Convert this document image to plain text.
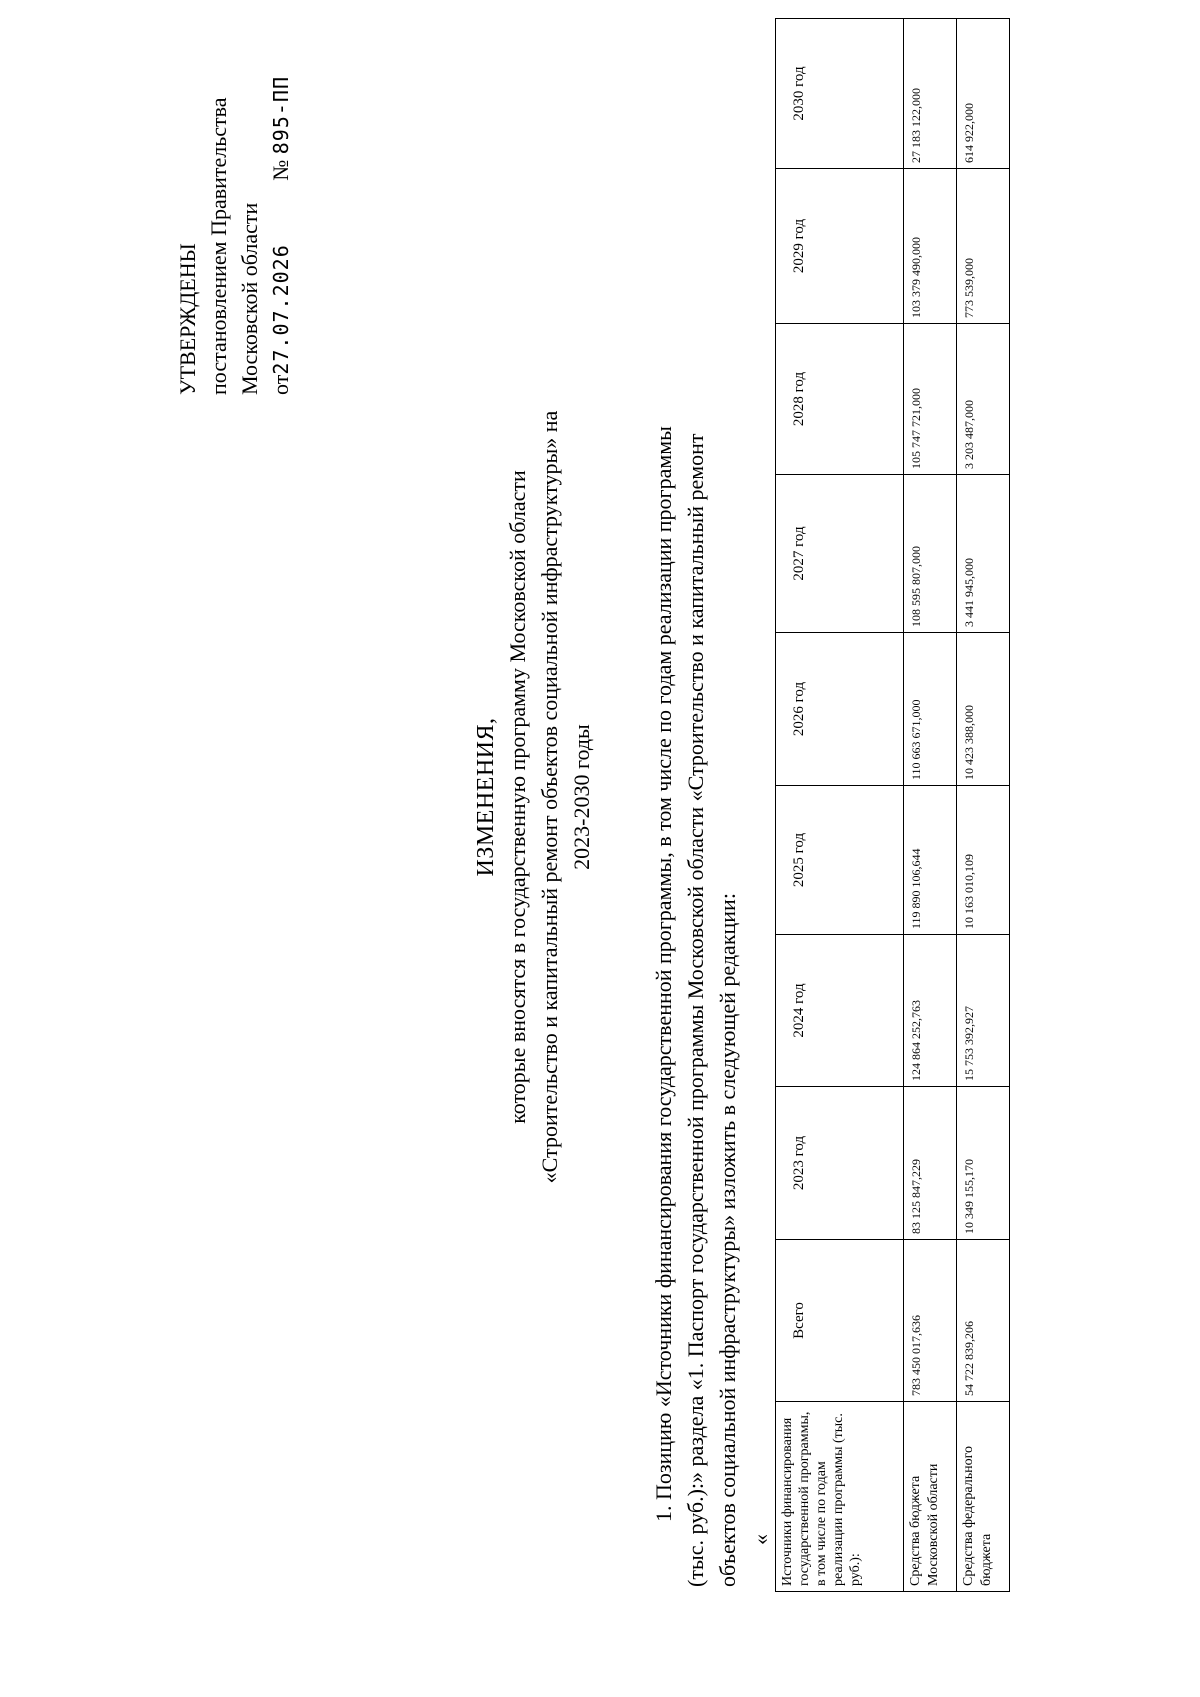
УТВЕРЖДЕНЫ постановлением Правительства Московской области от27.07.2026 № 895-ПП
ИЗМЕНЕНИЯ, которые вносятся в государственную программу Московской области «Строительство и капитальный ремонт объектов социальной инфраструктуры» на 2023-2030 годы	1. Позицию «Источники финансирования государственной программы, в том числе по годам реализации программы (тыс. руб.):» раздела «1. Паспорт государственной программы Московской области «Строительство и капитальный ремонт объектов социальной инфраструктуры» изложить в следующей редакции: « Источники финансирования государственной программы, в том числе по годам реализации программы (тыс. руб.):	Всего	2023 год	2024 год	2025 год	2026 год	2027 год	2028 год	2029 год	2030 год
Средства бюджета Московской области	783 450 017,636	83 125 847,229	124 864 252,763	119 890 106,644	110 663 671,000	108 595 807,000	105 747 721,000	103 379 490,000	27 183 122,000
Средства федерального бюджета	54 722 839,206	10 349 155,170	15 753 392,927	10 163 010,109	10 423 388,000	3 441 945,000	3 203 487,000	773 539,000	614 922,000
